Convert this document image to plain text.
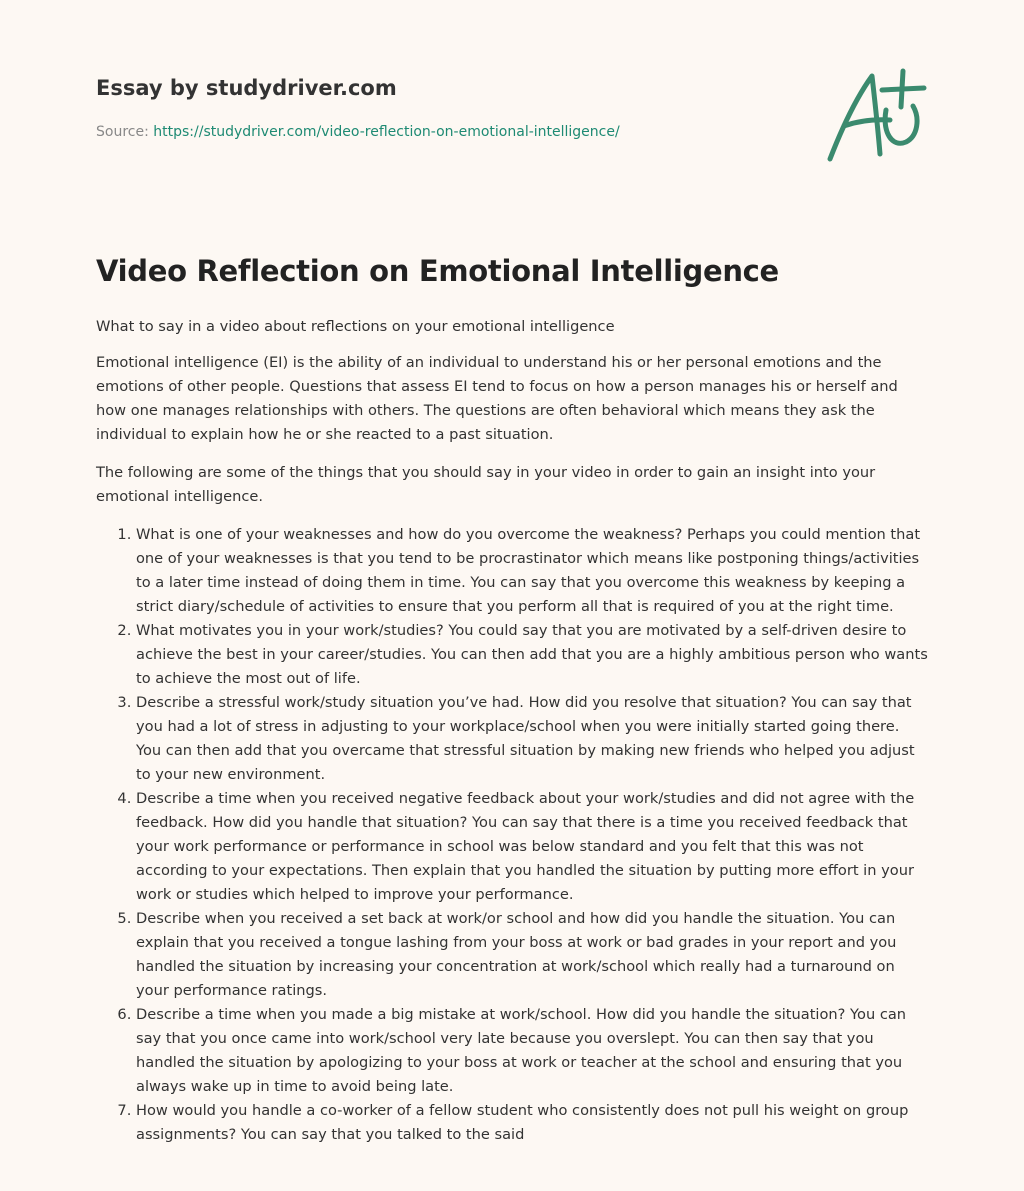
Essay by studydriver.com

Source: https://studydriver.com/video-reflection-on-emotional-intelligence/

Video Reflection on Emotional Intelligence

What to say in a video about reflections on your emotional intelligence

Emotional intelligence (EI) is the ability of an individual to understand his or her personal emotions and the emotions of other people. Questions that assess EI tend to focus on how a person manages his or herself and how one manages relationships with others. The questions are often behavioral which means they ask the individual to explain how he or she reacted to a past situation.

The following are some of the things that you should say in your video in order to gain an insight into your emotional intelligence.

1. What is one of your weaknesses and how do you overcome the weakness? Perhaps you could mention that one of your weaknesses is that you tend to be procrastinator which means like postponing things/activities to a later time instead of doing them in time. You can say that you overcome this weakness by keeping a strict diary/schedule of activities to ensure that you perform all that is required of you at the right time.
2. What motivates you in your work/studies? You could say that you are motivated by a self-driven desire to achieve the best in your career/studies. You can then add that you are a highly ambitious person who wants to achieve the most out of life.
3. Describe a stressful work/study situation you’ve had. How did you resolve that situation? You can say that you had a lot of stress in adjusting to your workplace/school when you were initially started going there. You can then add that you overcame that stressful situation by making new friends who helped you adjust to your new environment.
4. Describe a time when you received negative feedback about your work/studies and did not agree with the feedback. How did you handle that situation? You can say that there is a time you received feedback that your work performance or performance in school was below standard and you felt that this was not according to your expectations. Then explain that you handled the situation by putting more effort in your work or studies which helped to improve your performance.
5. Describe when you received a set back at work/or school and how did you handle the situation. You can explain that you received a tongue lashing from your boss at work or bad grades in your report and you handled the situation by increasing your concentration at work/school which really had a turnaround on your performance ratings.
6. Describe a time when you made a big mistake at work/school. How did you handle the situation? You can say that you once came into work/school very late because you overslept. You can then say that you handled the situation by apologizing to your boss at work or teacher at the school and ensuring that you always wake up in time to avoid being late.
7. How would you handle a co-worker of a fellow student who consistently does not pull his weight on group assignments? You can say that you talked to the said
